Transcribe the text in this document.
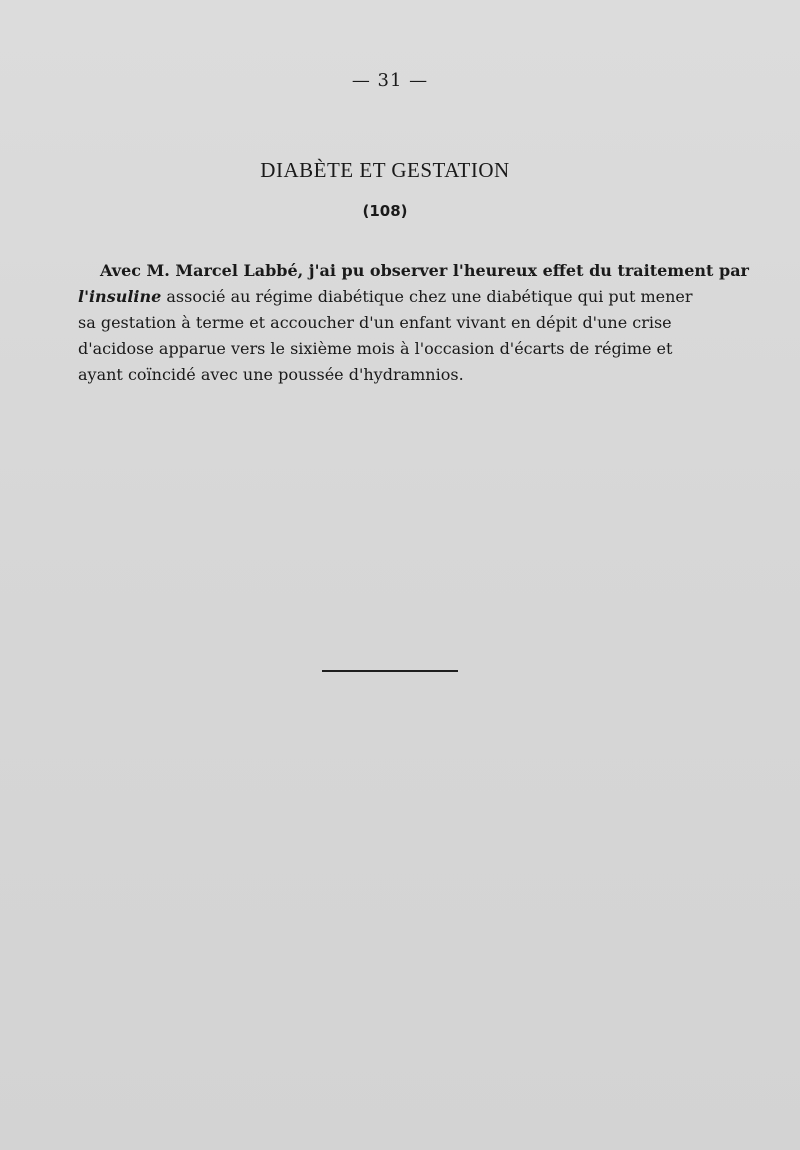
— 31 —
DIABÈTE ET GESTATION
(108)
Avec M. Marcel Labbé, j'ai pu observer l'heureux effet du traitement par
l'insuline associé au régime diabétique chez une diabétique qui put mener
sa gestation à terme et accoucher d'un enfant vivant en dépit d'une crise
d'acidose apparue vers le sixième mois à l'occasion d'écarts de régime et
ayant coïncidé avec une poussée d'hydramnios.
